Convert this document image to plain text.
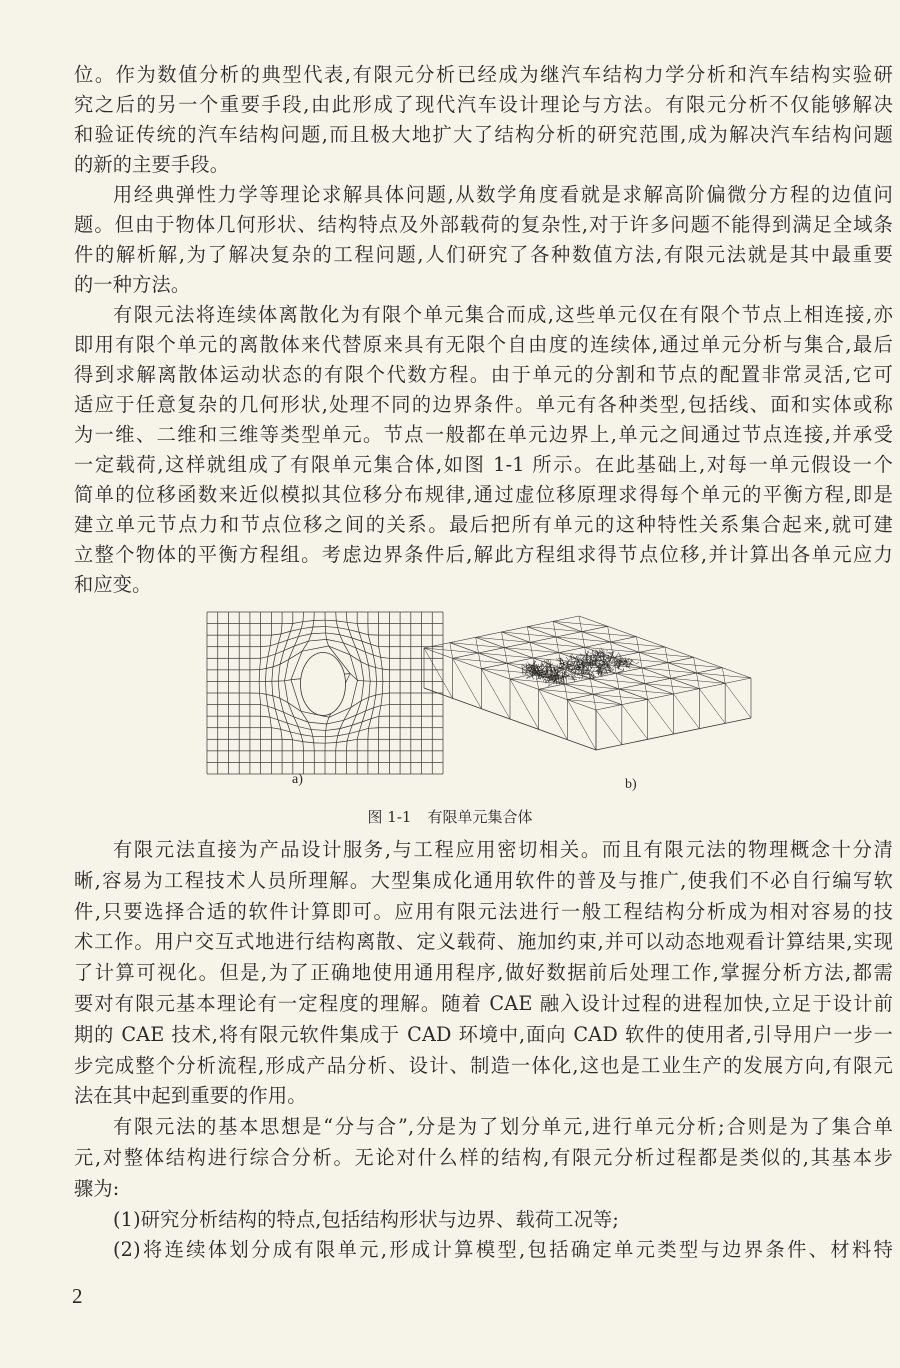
位。作为数值分析的典型代表,有限元分析已经成为继汽车结构力学分析和汽车结构实验研
究之后的另一个重要手段,由此形成了现代汽车设计理论与方法。有限元分析不仅能够解决
和验证传统的汽车结构问题,而且极大地扩大了结构分析的研究范围,成为解决汽车结构问题
的新的主要手段。
用经典弹性力学等理论求解具体问题,从数学角度看就是求解高阶偏微分方程的边值问
题。但由于物体几何形状、结构特点及外部载荷的复杂性,对于许多问题不能得到满足全域条
件的解析解,为了解决复杂的工程问题,人们研究了各种数值方法,有限元法就是其中最重要
的一种方法。
有限元法将连续体离散化为有限个单元集合而成,这些单元仅在有限个节点上相连接,亦
即用有限个单元的离散体来代替原来具有无限个自由度的连续体,通过单元分析与集合,最后
得到求解离散体运动状态的有限个代数方程。由于单元的分割和节点的配置非常灵活,它可
适应于任意复杂的几何形状,处理不同的边界条件。单元有各种类型,包括线、面和实体或称
为一维、二维和三维等类型单元。节点一般都在单元边界上,单元之间通过节点连接,并承受
一定载荷,这样就组成了有限单元集合体,如图 1-1 所示。在此基础上,对每一单元假设一个
简单的位移函数来近似模拟其位移分布规律,通过虚位移原理求得每个单元的平衡方程,即是
建立单元节点力和节点位移之间的关系。最后把所有单元的这种特性关系集合起来,就可建
立整个物体的平衡方程组。考虑边界条件后,解此方程组求得节点位移,并计算出各单元应力
和应变。
a)	b)
图 1-1 有限单元集合体
有限元法直接为产品设计服务,与工程应用密切相关。而且有限元法的物理概念十分清
晰,容易为工程技术人员所理解。大型集成化通用软件的普及与推广,使我们不必自行编写软
件,只要选择合适的软件计算即可。应用有限元法进行一般工程结构分析成为相对容易的技
术工作。用户交互式地进行结构离散、定义载荷、施加约束,并可以动态地观看计算结果,实现
了计算可视化。但是,为了正确地使用通用程序,做好数据前后处理工作,掌握分析方法,都需
要对有限元基本理论有一定程度的理解。随着 CAE 融入设计过程的进程加快,立足于设计前
期的 CAE 技术,将有限元软件集成于 CAD 环境中,面向 CAD 软件的使用者,引导用户一步一
步完成整个分析流程,形成产品分析、设计、制造一体化,这也是工业生产的发展方向,有限元
法在其中起到重要的作用。
有限元法的基本思想是“分与合”,分是为了划分单元,进行单元分析;合则是为了集合单
元,对整体结构进行综合分析。无论对什么样的结构,有限元分析过程都是类似的,其基本步
骤为:
(1)研究分析结构的特点,包括结构形状与边界、载荷工况等;
(2)将连续体划分成有限单元,形成计算模型,包括确定单元类型与边界条件、材料特
2
